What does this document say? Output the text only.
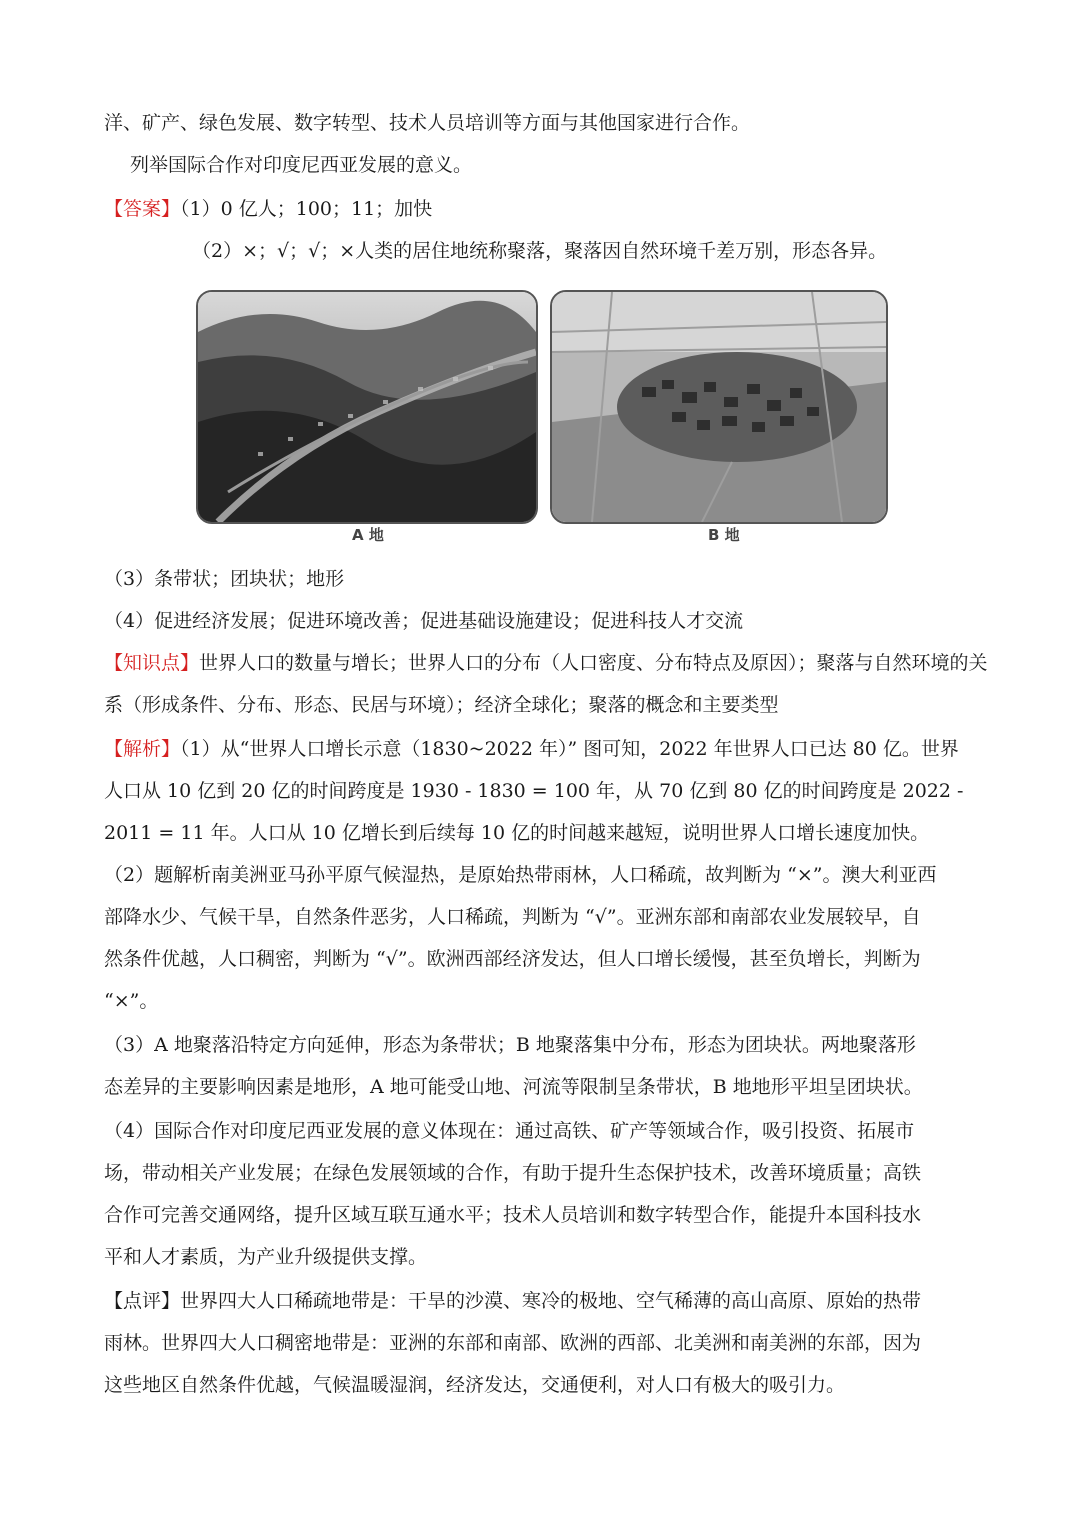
洋、矿产、绿色发展、数字转型、技术人员培训等方面与其他国家进行合作。
列举国际合作对印度尼西亚发展的意义。
【答案】（1）0 亿人；100；11；加快
（2）×；√；√；×人类的居住地统称聚落，聚落因自然环境千差万别，形态各异。
A 地	B 地
（3）条带状；团块状；地形
（4）促进经济发展；促进环境改善；促进基础设施建设；促进科技人才交流
【知识点】世界人口的数量与增长；世界人口的分布（人口密度、分布特点及原因）；聚落与自然环境的关
系（形成条件、分布、形态、民居与环境）；经济全球化；聚落的概念和主要类型
【解析】（1）从“世界人口增长示意（1830~2022 年）” 图可知，2022 年世界人口已达 80 亿。世界
人口从 10 亿到 20 亿的时间跨度是 1930 - 1830 = 100 年，从 70 亿到 80 亿的时间跨度是 2022 -
2011 = 11 年。人口从 10 亿增长到后续每 10 亿的时间越来越短，说明世界人口增长速度加快。
（2）题解析南美洲亚马孙平原气候湿热，是原始热带雨林，人口稀疏，故判断为 “×”。澳大利亚西
部降水少、气候干旱，自然条件恶劣，人口稀疏，判断为 “√”。亚洲东部和南部农业发展较早，自
然条件优越，人口稠密，判断为 “√”。欧洲西部经济发达，但人口增长缓慢，甚至负增长，判断为
“×”。
（3）A 地聚落沿特定方向延伸，形态为条带状；B 地聚落集中分布，形态为团块状。两地聚落形
态差异的主要影响因素是地形，A 地可能受山地、河流等限制呈条带状，B 地地形平坦呈团块状。
（4）国际合作对印度尼西亚发展的意义体现在：通过高铁、矿产等领域合作，吸引投资、拓展市
场，带动相关产业发展；在绿色发展领域的合作，有助于提升生态保护技术，改善环境质量；高铁
合作可完善交通网络，提升区域互联互通水平；技术人员培训和数字转型合作，能提升本国科技水
平和人才素质，为产业升级提供支撑。
【点评】世界四大人口稀疏地带是：干旱的沙漠、寒冷的极地、空气稀薄的高山高原、原始的热带
雨林。世界四大人口稠密地带是：亚洲的东部和南部、欧洲的西部、北美洲和南美洲的东部，因为
这些地区自然条件优越，气候温暖湿润，经济发达，交通便利，对人口有极大的吸引力。
